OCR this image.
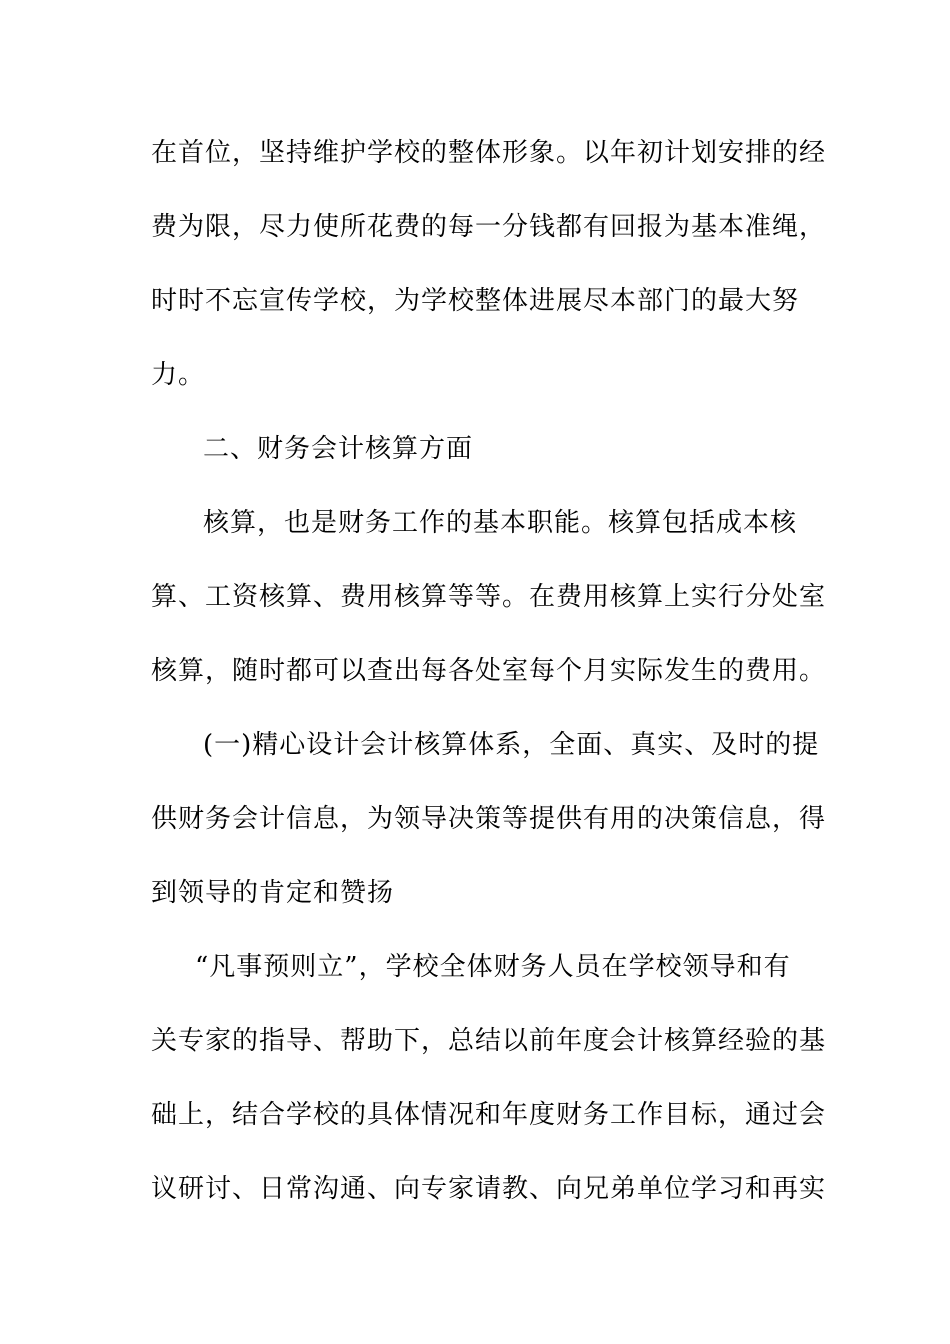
在首位，坚持维护学校的整体形象。以年初计划安排的经
费为限，尽力使所花费的每一分钱都有回报为基本准绳，
时时不忘宣传学校，为学校整体进展尽本部门的最大努
力。
二、财务会计核算方面
核算，也是财务工作的基本职能。核算包括成本核
算、工资核算、费用核算等等。在费用核算上实行分处室
核算，随时都可以查出每各处室每个月实际发生的费用。
(一)精心设计会计核算体系，全面、真实、及时的提
供财务会计信息，为领导决策等提供有用的决策信息，得
到领导的肯定和赞扬
“凡事预则立”，学校全体财务人员在学校领导和有
关专家的指导、帮助下，总结以前年度会计核算经验的基
础上，结合学校的具体情况和年度财务工作目标，通过会
议研讨、日常沟通、向专家请教、向兄弟单位学习和再实
